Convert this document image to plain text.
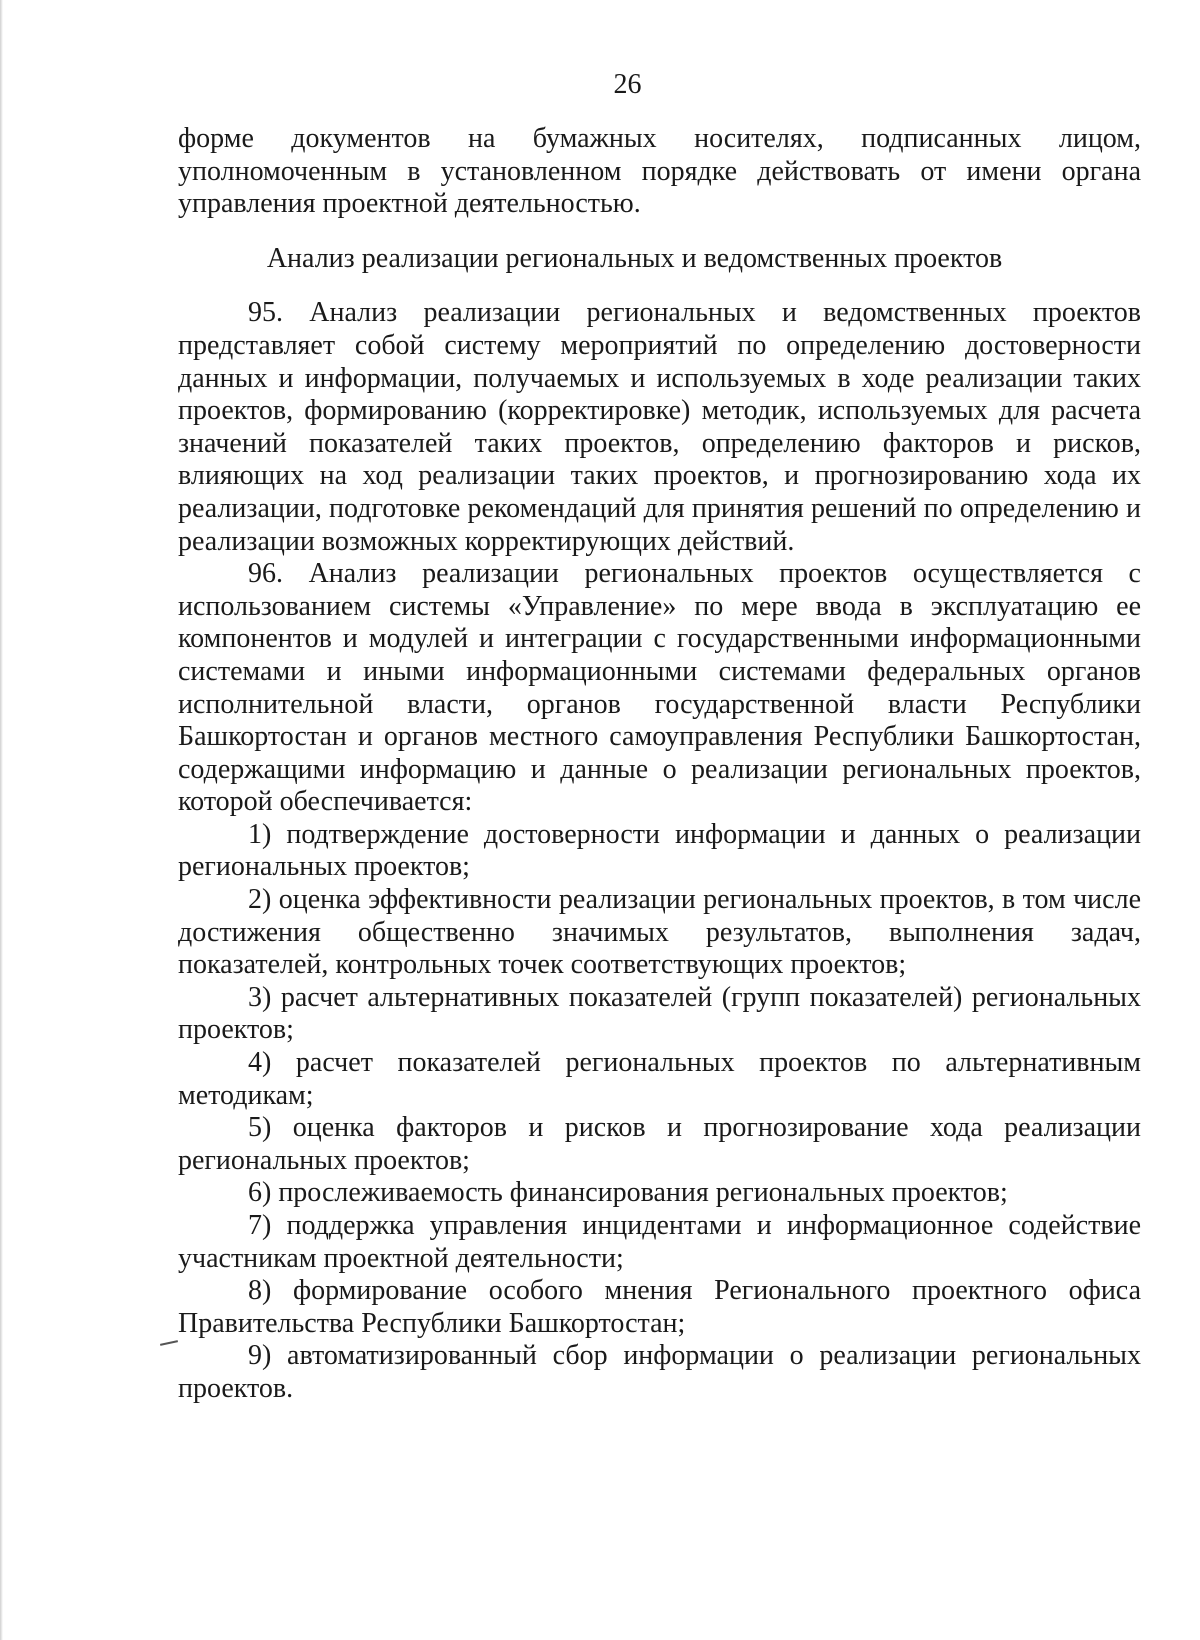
26

форме документов на бумажных носителях, подписанных лицом, уполномоченным в установленном порядке действовать от имени органа управления проектной деятельностью.

Анализ реализации региональных и ведомственных проектов

95. Анализ реализации региональных и ведомственных проектов представляет собой систему мероприятий по определению достоверности данных и информации, получаемых и используемых в ходе реализации таких проектов, формированию (корректировке) методик, используемых для расчета значений показателей таких проектов, определению факторов и рисков, влияющих на ход реализации таких проектов, и прогнозированию хода их реализации, подготовке рекомендаций для принятия решений по определению и реализации возможных корректирующих действий.

96. Анализ реализации региональных проектов осуществляется с использованием системы «Управление» по мере ввода в эксплуатацию ее компонентов и модулей и интеграции с государственными информационными системами и иными информационными системами федеральных органов исполнительной власти, органов государственной власти Республики Башкортостан и органов местного самоуправления Республики Башкортостан, содержащими информацию и данные о реализации региональных проектов, которой обеспечивается:

1) подтверждение достоверности информации и данных о реализации региональных проектов;

2) оценка эффективности реализации региональных проектов, в том числе достижения общественно значимых результатов, выполнения задач, показателей, контрольных точек соответствующих проектов;

3) расчет альтернативных показателей (групп показателей) региональных проектов;

4) расчет показателей региональных проектов по альтернативным методикам;

5) оценка факторов и рисков и прогнозирование хода реализации региональных проектов;

6) прослеживаемость финансирования региональных проектов;

7) поддержка управления инцидентами и информационное содействие участникам проектной деятельности;

8) формирование особого мнения Регионального проектного офиса Правительства Республики Башкортостан;

9) автоматизированный сбор информации о реализации региональных проектов.
